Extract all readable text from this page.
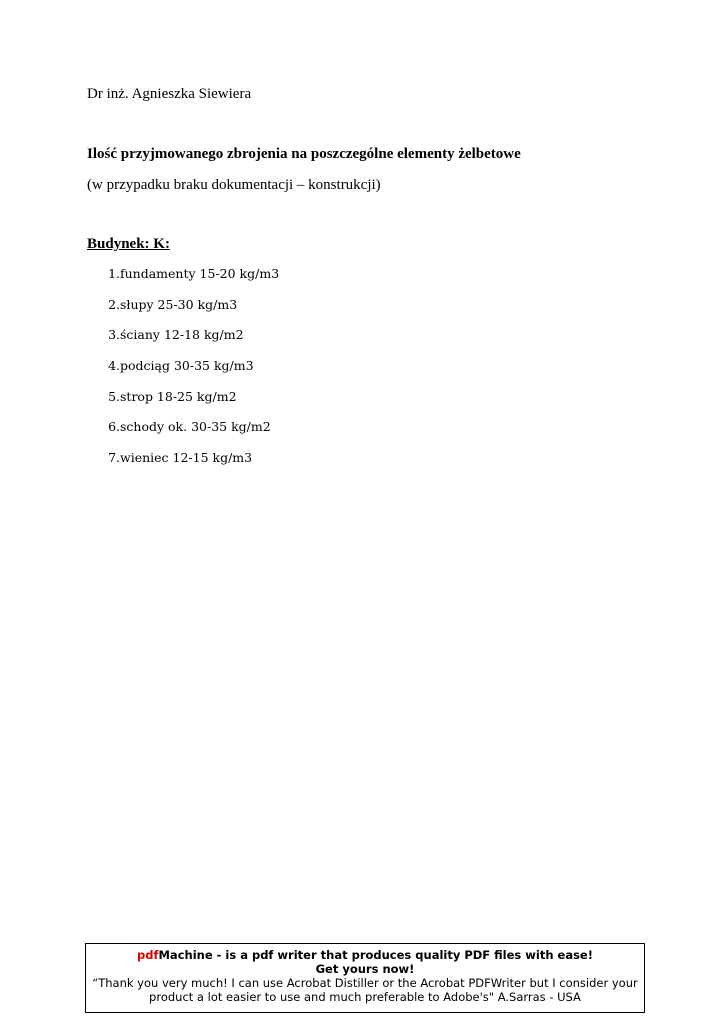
Dr inż. Agnieszka Siewiera
Ilość przyjmowanego zbrojenia na poszczególne elementy żelbetowe
(w przypadku braku dokumentacji – konstrukcji)
Budynek: K:
1. fundamenty 15-20 kg/m3
2. słupy 25-30 kg/m3
3. ściany 12-18 kg/m2
4. podciąg 30-35 kg/m3
5. strop 18-25 kg/m2
6. schody ok. 30-35 kg/m2
7. wieniec 12-15 kg/m3
pdfMachine - is a pdf writer that produces quality PDF files with ease!
Get yours now!
“Thank you very much! I can use Acrobat Distiller or the Acrobat PDFWriter but I consider your
product a lot easier to use and much preferable to Adobe's" A.Sarras - USA
